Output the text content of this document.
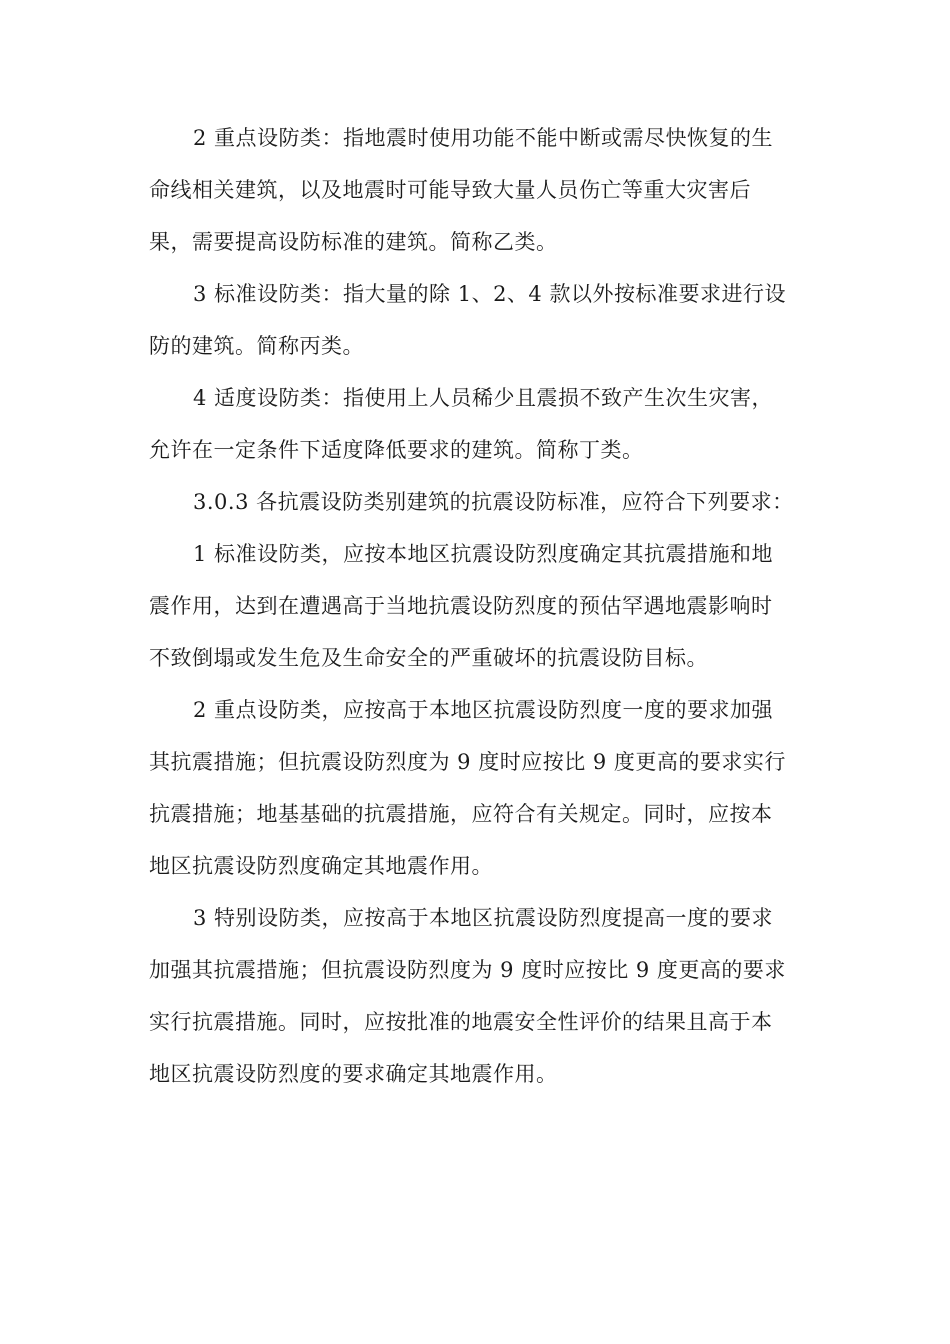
2 重点设防类：指地震时使用功能不能中断或需尽快恢复的生
命线相关建筑，以及地震时可能导致大量人员伤亡等重大灾害后
果，需要提高设防标准的建筑。简称乙类。

3 标准设防类：指大量的除 1、2、4 款以外按标准要求进行设
防的建筑。简称丙类。

4 适度设防类：指使用上人员稀少且震损不致产生次生灾害，
允许在一定条件下适度降低要求的建筑。简称丁类。

3.0.3 各抗震设防类别建筑的抗震设防标准，应符合下列要求：

1 标准设防类，应按本地区抗震设防烈度确定其抗震措施和地
震作用，达到在遭遇高于当地抗震设防烈度的预估罕遇地震影响时
不致倒塌或发生危及生命安全的严重破坏的抗震设防目标。

2 重点设防类，应按高于本地区抗震设防烈度一度的要求加强
其抗震措施；但抗震设防烈度为 9 度时应按比 9 度更高的要求实行
抗震措施；地基基础的抗震措施，应符合有关规定。同时，应按本
地区抗震设防烈度确定其地震作用。

3 特别设防类，应按高于本地区抗震设防烈度提高一度的要求
加强其抗震措施；但抗震设防烈度为 9 度时应按比 9 度更高的要求
实行抗震措施。同时，应按批准的地震安全性评价的结果且高于本
地区抗震设防烈度的要求确定其地震作用。
